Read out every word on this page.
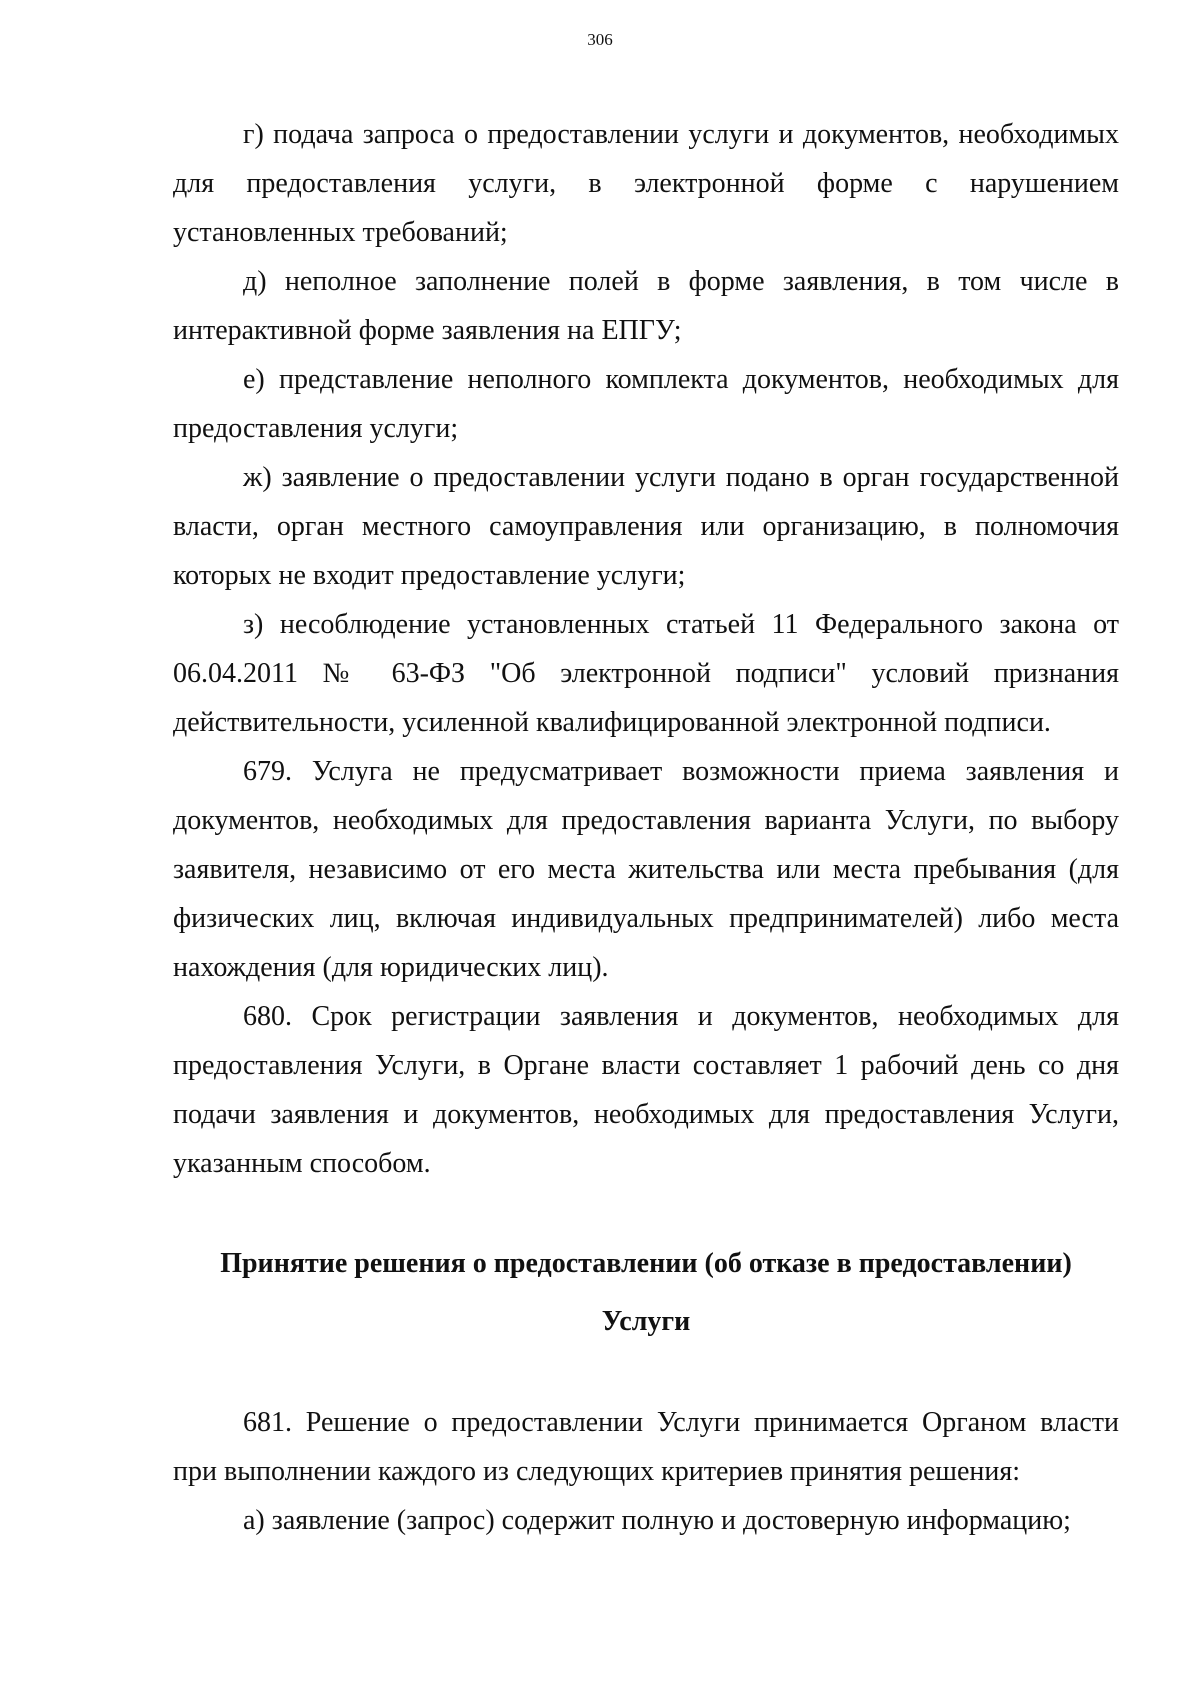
306

г) подача запроса о предоставлении услуги и документов, необходимых для предоставления услуги, в электронной форме с нарушением установленных требований;

д) неполное заполнение полей в форме заявления, в том числе в интерактивной форме заявления на ЕПГУ;

е) представление неполного комплекта документов, необходимых для предоставления услуги;

ж) заявление о предоставлении услуги подано в орган государственной власти, орган местного самоуправления или организацию, в полномочия которых не входит предоставление услуги;

з) несоблюдение установленных статьей 11 Федерального закона от 06.04.2011 № 63-ФЗ "Об электронной подписи" условий признания действительности, усиленной квалифицированной электронной подписи.

679. Услуга не предусматривает возможности приема заявления и документов, необходимых для предоставления варианта Услуги, по выбору заявителя, независимо от его места жительства или места пребывания (для физических лиц, включая индивидуальных предпринимателей) либо места нахождения (для юридических лиц).

680. Срок регистрации заявления и документов, необходимых для предоставления Услуги, в Органе власти составляет 1 рабочий день со дня подачи заявления и документов, необходимых для предоставления Услуги, указанным способом.

Принятие решения о предоставлении (об отказе в предоставлении) Услуги

681. Решение о предоставлении Услуги принимается Органом власти при выполнении каждого из следующих критериев принятия решения:

а) заявление (запрос) содержит полную и достоверную информацию;
